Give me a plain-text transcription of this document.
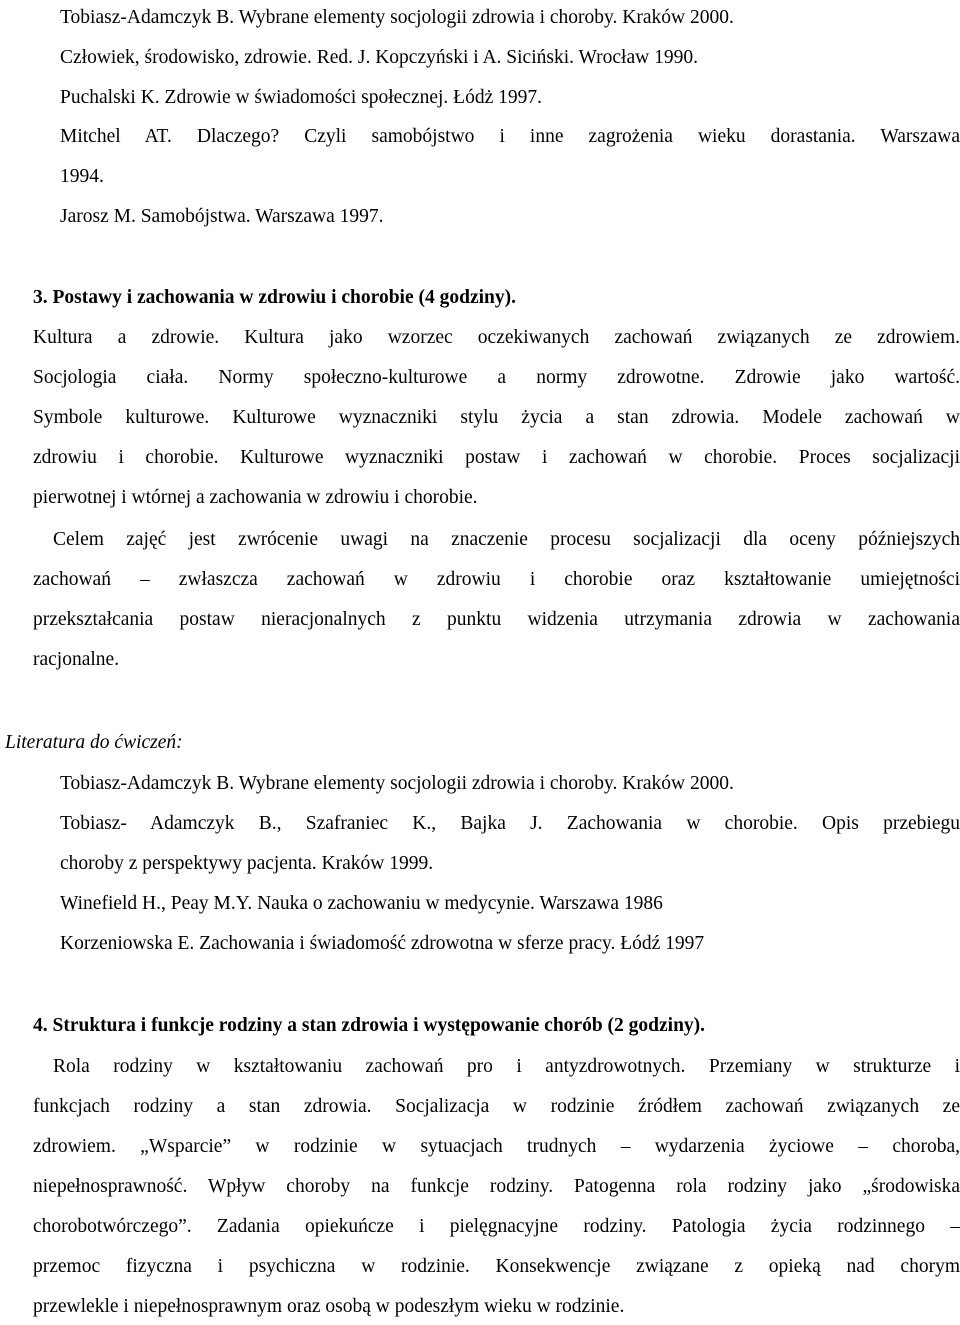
Tobiasz-Adamczyk B. Wybrane elementy socjologii zdrowia i choroby. Kraków 2000.

Człowiek, środowisko, zdrowie. Red. J. Kopczyński i A. Siciński. Wrocław 1990.

Puchalski K. Zdrowie w świadomości społecznej. Łódż 1997.

Mitchel AT. Dlaczego? Czyli samobójstwo i inne zagrożenia wieku dorastania. Warszawa

1994.

Jarosz M. Samobójstwa. Warszawa 1997.

3. Postawy i zachowania w zdrowiu i chorobie (4 godziny).

Kultura a zdrowie. Kultura jako wzorzec oczekiwanych zachowań związanych ze zdrowiem.

Socjologia ciała. Normy społeczno-kulturowe a normy zdrowotne. Zdrowie jako wartość.

Symbole kulturowe. Kulturowe wyznaczniki stylu życia a stan zdrowia. Modele zachowań w

zdrowiu i chorobie. Kulturowe wyznaczniki postaw i zachowań w chorobie. Proces socjalizacji

pierwotnej i wtórnej a zachowania w zdrowiu i chorobie.

Celem zajęć jest zwrócenie uwagi na znaczenie procesu socjalizacji dla oceny późniejszych

zachowań – zwłaszcza zachowań w zdrowiu i chorobie oraz kształtowanie umiejętności

przekształcania postaw nieracjonalnych z punktu widzenia utrzymania zdrowia w zachowania

racjonalne.

Literatura do ćwiczeń:

Tobiasz-Adamczyk B. Wybrane elementy socjologii zdrowia i choroby. Kraków 2000.

Tobiasz- Adamczyk B., Szafraniec K., Bajka J. Zachowania w chorobie. Opis przebiegu

choroby z perspektywy pacjenta. Kraków 1999.

Winefield H., Peay M.Y. Nauka o zachowaniu w medycynie. Warszawa 1986

Korzeniowska E. Zachowania i świadomość zdrowotna w sferze pracy. Łódź 1997

4. Struktura i funkcje rodziny a stan zdrowia i występowanie chorób (2 godziny).

Rola rodziny w kształtowaniu zachowań pro i antyzdrowotnych. Przemiany w strukturze i

funkcjach rodziny a stan zdrowia. Socjalizacja w rodzinie źródłem zachowań związanych ze

zdrowiem. „Wsparcie” w rodzinie w sytuacjach trudnych – wydarzenia życiowe – choroba,

niepełnosprawność. Wpływ choroby na funkcje rodziny. Patogenna rola rodziny jako „środowiska

chorobotwórczego”. Zadania opiekuńcze i pielęgnacyjne rodziny. Patologia życia rodzinnego –

przemoc fizyczna i psychiczna w rodzinie. Konsekwencje związane z opieką nad chorym

przewlekle i niepełnosprawnym oraz osobą w podeszłym wieku w rodzinie.
